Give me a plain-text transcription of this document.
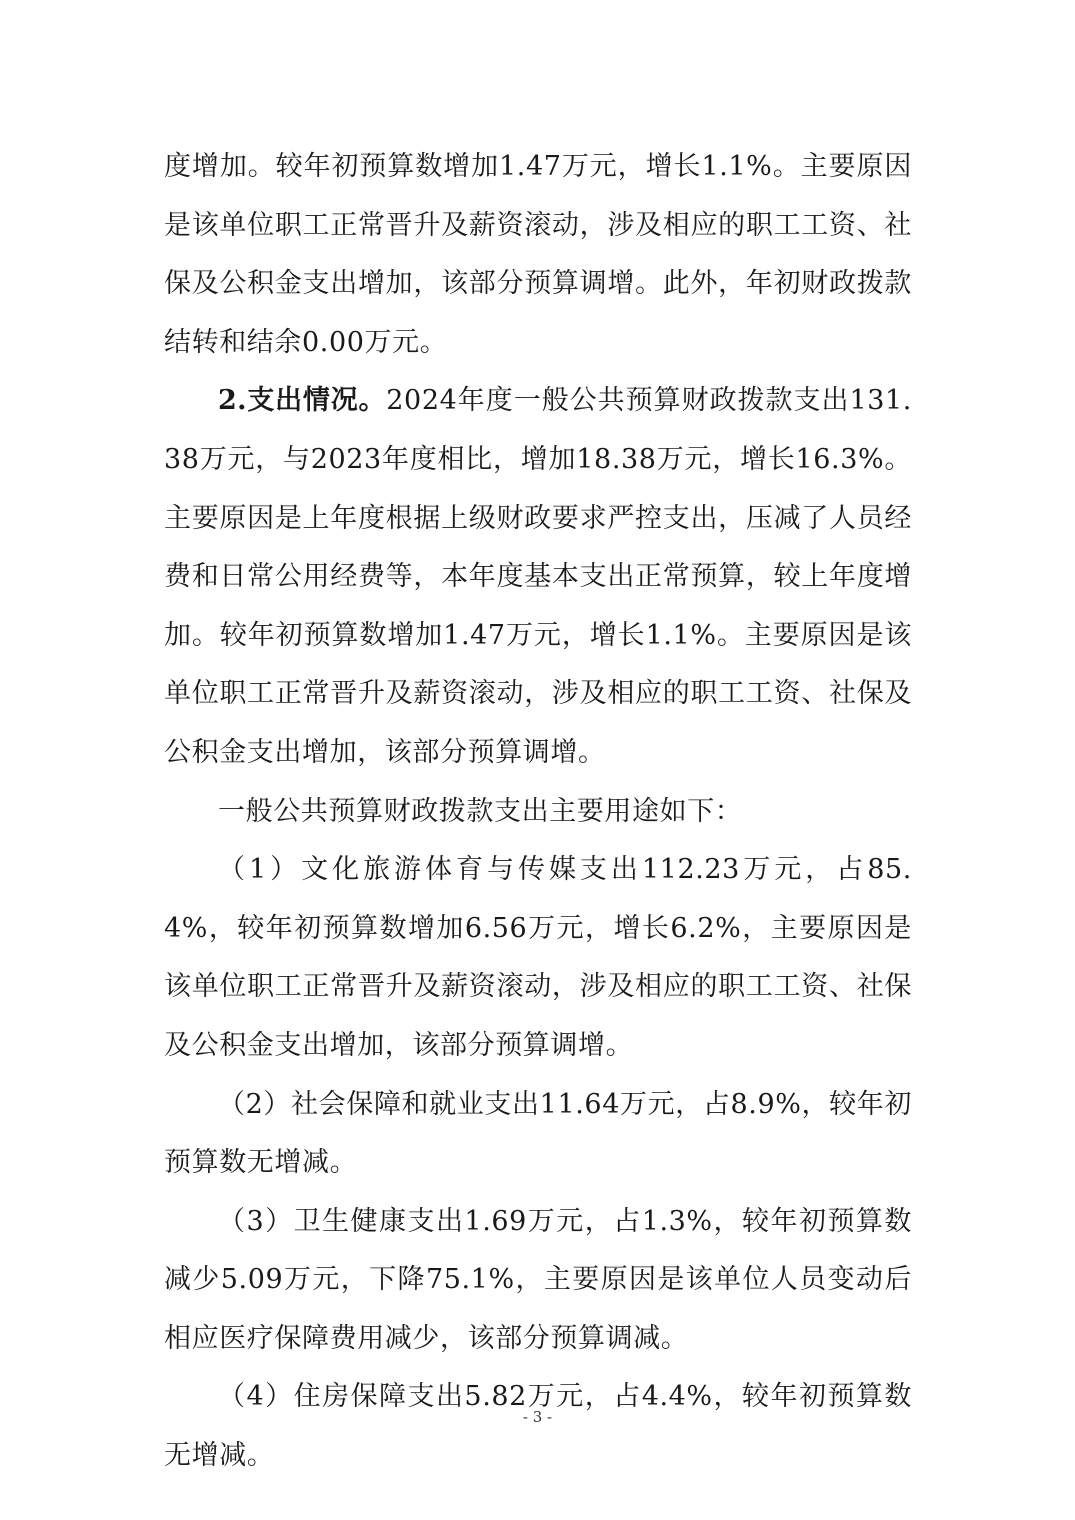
度增加。较年初预算数增加1.47万元，增长1.1%。主要原因是该单位职工正常晋升及薪资滚动，涉及相应的职工工资、社保及公积金支出增加，该部分预算调增。此外，年初财政拨款结转和结余0.00万元。

2.支出情况。2024年度一般公共预算财政拨款支出131.38万元，与2023年度相比，增加18.38万元，增长16.3%。主要原因是上年度根据上级财政要求严控支出，压减了人员经费和日常公用经费等，本年度基本支出正常预算，较上年度增加。较年初预算数增加1.47万元，增长1.1%。主要原因是该单位职工正常晋升及薪资滚动，涉及相应的职工工资、社保及公积金支出增加，该部分预算调增。

一般公共预算财政拨款支出主要用途如下：

（1）文化旅游体育与传媒支出112.23万元，占85.4%，较年初预算数增加6.56万元，增长6.2%，主要原因是该单位职工正常晋升及薪资滚动，涉及相应的职工工资、社保及公积金支出增加，该部分预算调增。

（2）社会保障和就业支出11.64万元，占8.9%，较年初预算数无增减。

（3）卫生健康支出1.69万元，占1.3%，较年初预算数减少5.09万元，下降75.1%，主要原因是该单位人员变动后相应医疗保障费用减少，该部分预算调减。

（4）住房保障支出5.82万元，占4.4%，较年初预算数无增减。

- 3 -
